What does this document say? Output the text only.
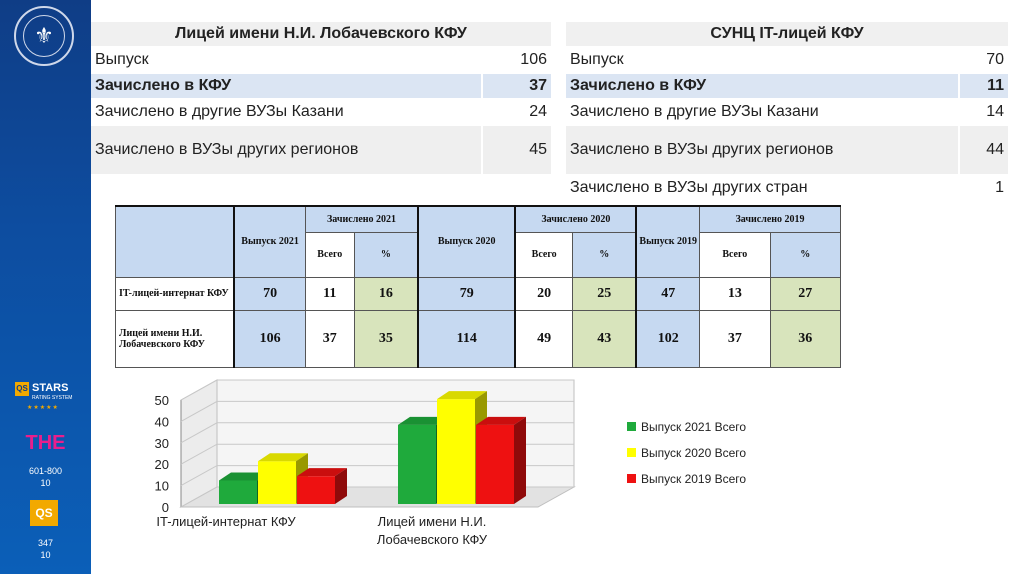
⚜
QS STARS
RATING SYSTEM
★★★★★
THE
601-800
10
QS
347
10
Лицей имени Н.И. Лобачевского КФУ	
Выпуск	106
Зачислено в КФУ	37
Зачислено в другие ВУЗы Казани	24
Зачислено в ВУЗы других регионов	45
СУНЦ IT-лицей КФУ	
Выпуск	70
Зачислено в КФУ	11
Зачислено в другие ВУЗы Казани	14
Зачислено в ВУЗы других регионов	44
Зачислено в ВУЗы других стран	1
	Выпуск 2021	Зачислено 2021		Выпуск 2020	Зачислено 2020		Выпуск 2019	Зачислено 2019	
		Всего	%		Всего	%		Всего	%
IT-лицей-интернат КФУ	70	11	16	79	20	25	47	13	27
Лицей имени Н.И. Лобачевского КФУ	106	37	35	114	49	43	102	37	36
0
10
20
30
40
50
IT-лицей-интернат КФУ	Лицей имени Н.И. Лобачевского КФУ
Выпуск 2021 Всего
Выпуск 2020 Всего
Выпуск 2019 Всего
